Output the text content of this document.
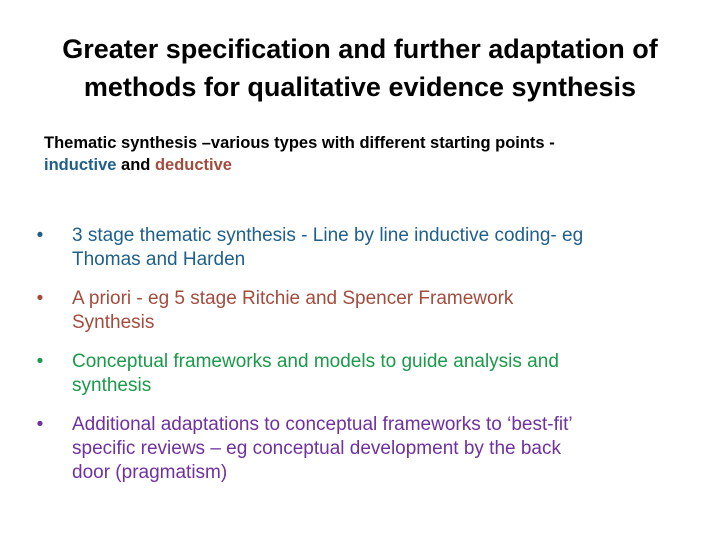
Greater specification and further adaptation of
methods for qualitative evidence synthesis
Thematic synthesis –various types with different starting points -
inductive and deductive
•	3 stage thematic synthesis - Line by line inductive coding- eg
Thomas and Harden
•	A priori - eg 5 stage Ritchie and Spencer Framework
Synthesis
•	Conceptual frameworks and models to guide analysis and
synthesis
•	Additional adaptations to conceptual frameworks to ‘best-fit’
specific reviews – eg conceptual development by the back
door (pragmatism)
